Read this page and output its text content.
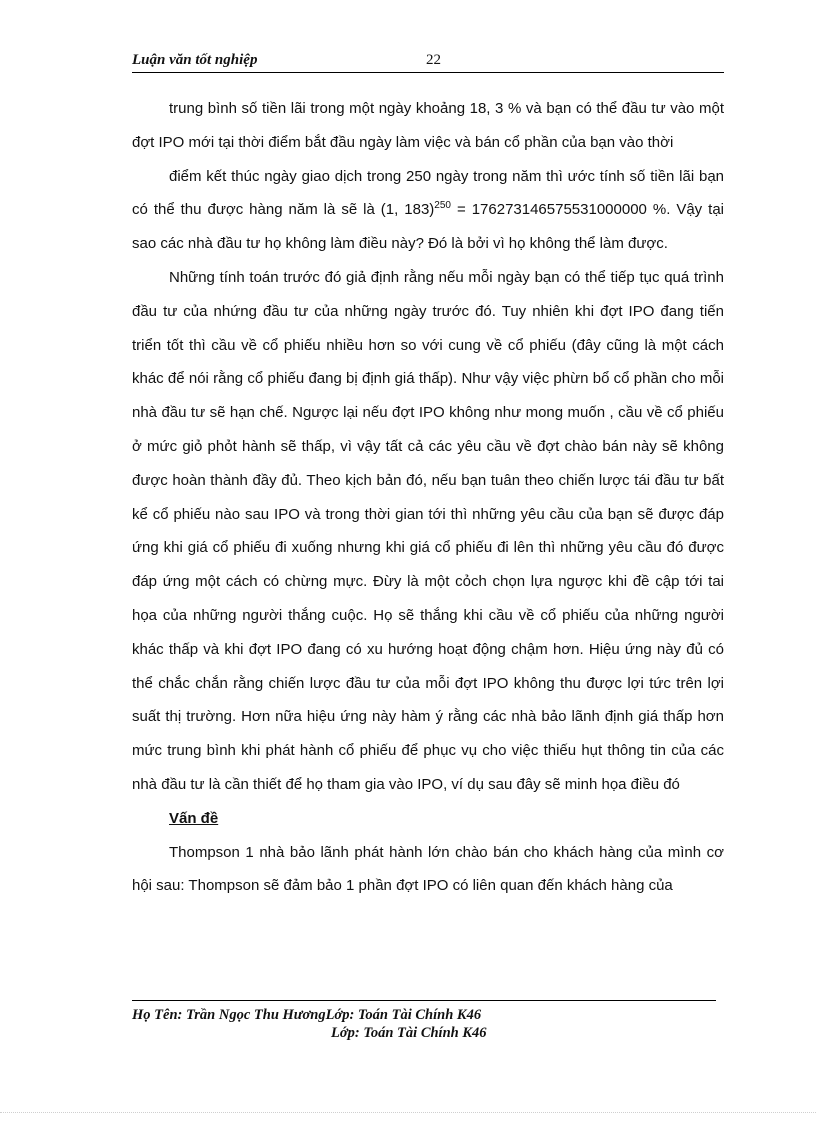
Luận văn tốt nghiệp	22

trung bình số tiền lãi trong một ngày khoảng 18, 3 % và bạn có thể đầu tư vào một đợt IPO mới tại thời điểm bắt đầu ngày làm việc và bán cổ phần của bạn vào thời

điểm kết thúc ngày giao dịch trong 250 ngày trong năm thì ước tính số tiền lãi bạn có thể thu được hàng năm là sẽ là (1, 183)$^{250}$ = 176273146575531000000 %. Vậy tại sao các nhà đầu tư họ không làm điều này? Đó là bởi vì họ không thể làm được.

Những tính toán trước đó giả định rằng nếu mỗi ngày bạn có thể tiếp tục quá trình đầu tư của nhứng đầu tư của những ngày trước đó. Tuy nhiên khi đợt IPO đang tiến triển tốt thì cầu về cổ phiếu nhiều hơn so với cung về cổ phiếu (đây cũng là một cách khác để nói rằng cổ phiếu đang bị định giá thấp). Như vậy việc phừn bổ cổ phần cho mỗi nhà đầu tư sẽ hạn chế. Ngược lại nếu đợt IPO không như mong muốn , cầu về cổ phiếu ở mức giỏ phỏt hành sẽ thấp, vì vậy tất cả các yêu cầu về đợt chào bán này sẽ không được hoàn thành đầy đủ. Theo kịch bản đó, nếu bạn tuân theo chiến lược tái đầu tư bất kể cổ phiếu nào sau IPO và trong thời gian tới thì những yêu cầu của bạn sẽ được đáp ứng khi giá cổ phiếu đi xuống nhưng khi giá cổ phiếu đi lên thì những yêu cầu đó được đáp ứng một cách có chừng mực. Đừy là một cỏch chọn lựa ngược khi đề cập tới tai họa của những người thắng cuộc. Họ sẽ thắng khi cầu về cổ phiếu của những người khác thấp và khi đợt IPO đang có xu hướng hoạt động chậm hơn. Hiệu ứng này đủ có thể chắc chắn rằng chiến lược đầu tư của mỗi đợt IPO không thu được lợi tức trên lợi suất thị trường. Hơn nữa hiệu ứng này hàm ý rằng các nhà bảo lãnh định giá thấp hơn mức trung bình khi phát hành cổ phiếu để phục vụ cho việc thiếu hụt thông tin của các nhà đầu tư là cần thiết để họ tham gia vào IPO, ví dụ sau đây sẽ minh họa điều đó

Vấn đề

Thompson 1 nhà bảo lãnh phát hành lớn chào bán cho khách hàng của mình cơ hội sau: Thompson sẽ đảm bảo 1 phần đợt IPO có liên quan đến khách hàng của

Họ Tên: Trần Ngọc Thu HươngLớp: Toán Tài Chính K46
Lớp: Toán Tài Chính K46
